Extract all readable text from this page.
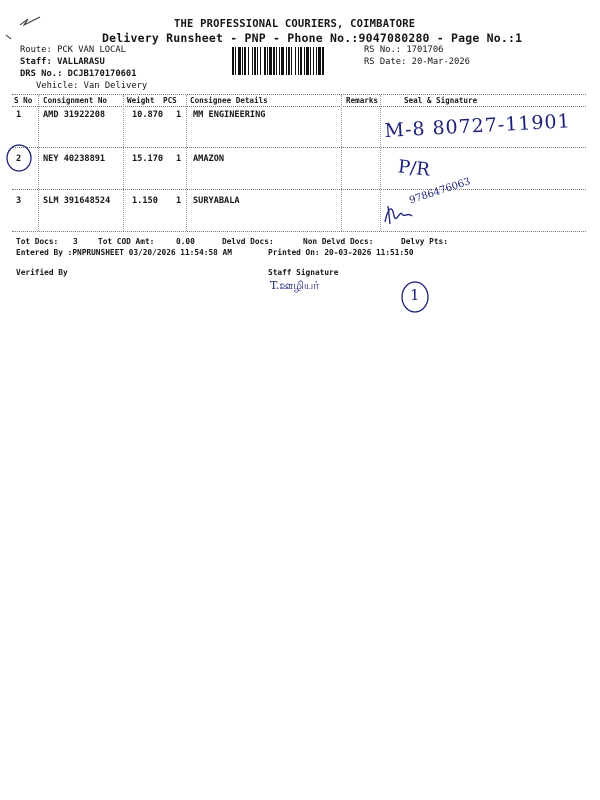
THE PROFESSIONAL COURIERS, COIMBATORE
Delivery Runsheet - PNP - Phone No.:9047080280 - Page No.:1
Route: PCK VAN LOCAL
Staff: VALLARASU
DRS No.: DCJB170170601
Vehicle: Van Delivery
RS No.: 1701706
RS Date: 20-Mar-2026
S No Consignment No	Weight PCS Consignee Details	Remarks	Seal & Signature
1	AMD 31922208	10.870 1 MM ENGINEERING
2	NEY 40238891	15.170 1 AMAZON
3	SLM 391648524	1.150 1 SURYABALA
Tot Docs: 3	Tot COD Amt:	0.00	Delvd Docs:	Non Delvd Docs:	Delvy Pts:
Entered By :PNPRUNSHEET 03/20/2026 11:54:58 AM	Printed On: 20-03-2026 11:51:50
Verified By	Staff Signature
M-8 80727-11901
P/R
9786476063
T.ஊழியர்
1
